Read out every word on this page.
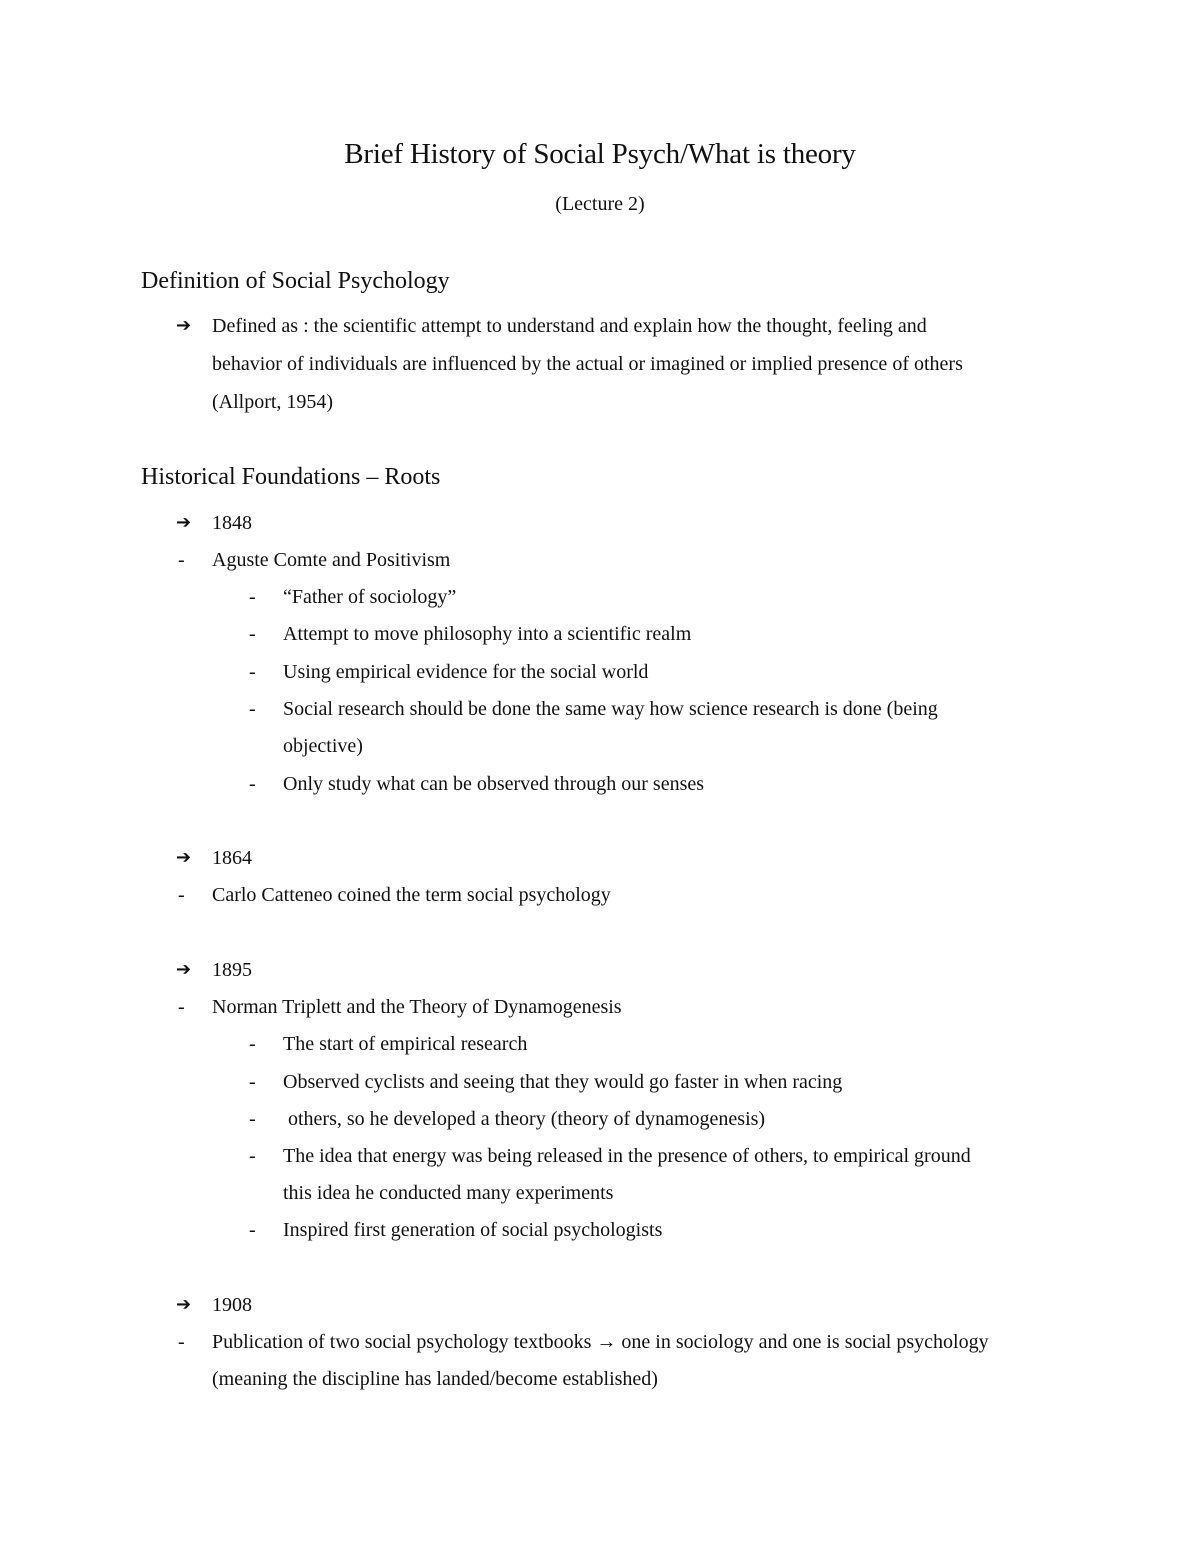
Brief History of Social Psych/What is theory
(Lecture 2)
Definition of Social Psychology
➔ Defined as : the scientific attempt to understand and explain how the thought, feeling and
behavior of individuals are influenced by the actual or imagined or implied presence of others
(Allport, 1954)
Historical Foundations – Roots
➔ 1848
- Aguste Comte and Positivism
- “Father of sociology”
- Attempt to move philosophy into a scientific realm
- Using empirical evidence for the social world
- Social research should be done the same way how science research is done (being
objective)
- Only study what can be observed through our senses
➔ 1864
- Carlo Catteneo coined the term social psychology
➔ 1895
- Norman Triplett and the Theory of Dynamogenesis
- The start of empirical research
- Observed cyclists and seeing that they would go faster in when racing
- others, so he developed a theory (theory of dynamogenesis)
- The idea that energy was being released in the presence of others, to empirical ground
this idea he conducted many experiments
- Inspired first generation of social psychologists
➔ 1908
- Publication of two social psychology textbooks → one in sociology and one is social psychology
(meaning the discipline has landed/become established)
